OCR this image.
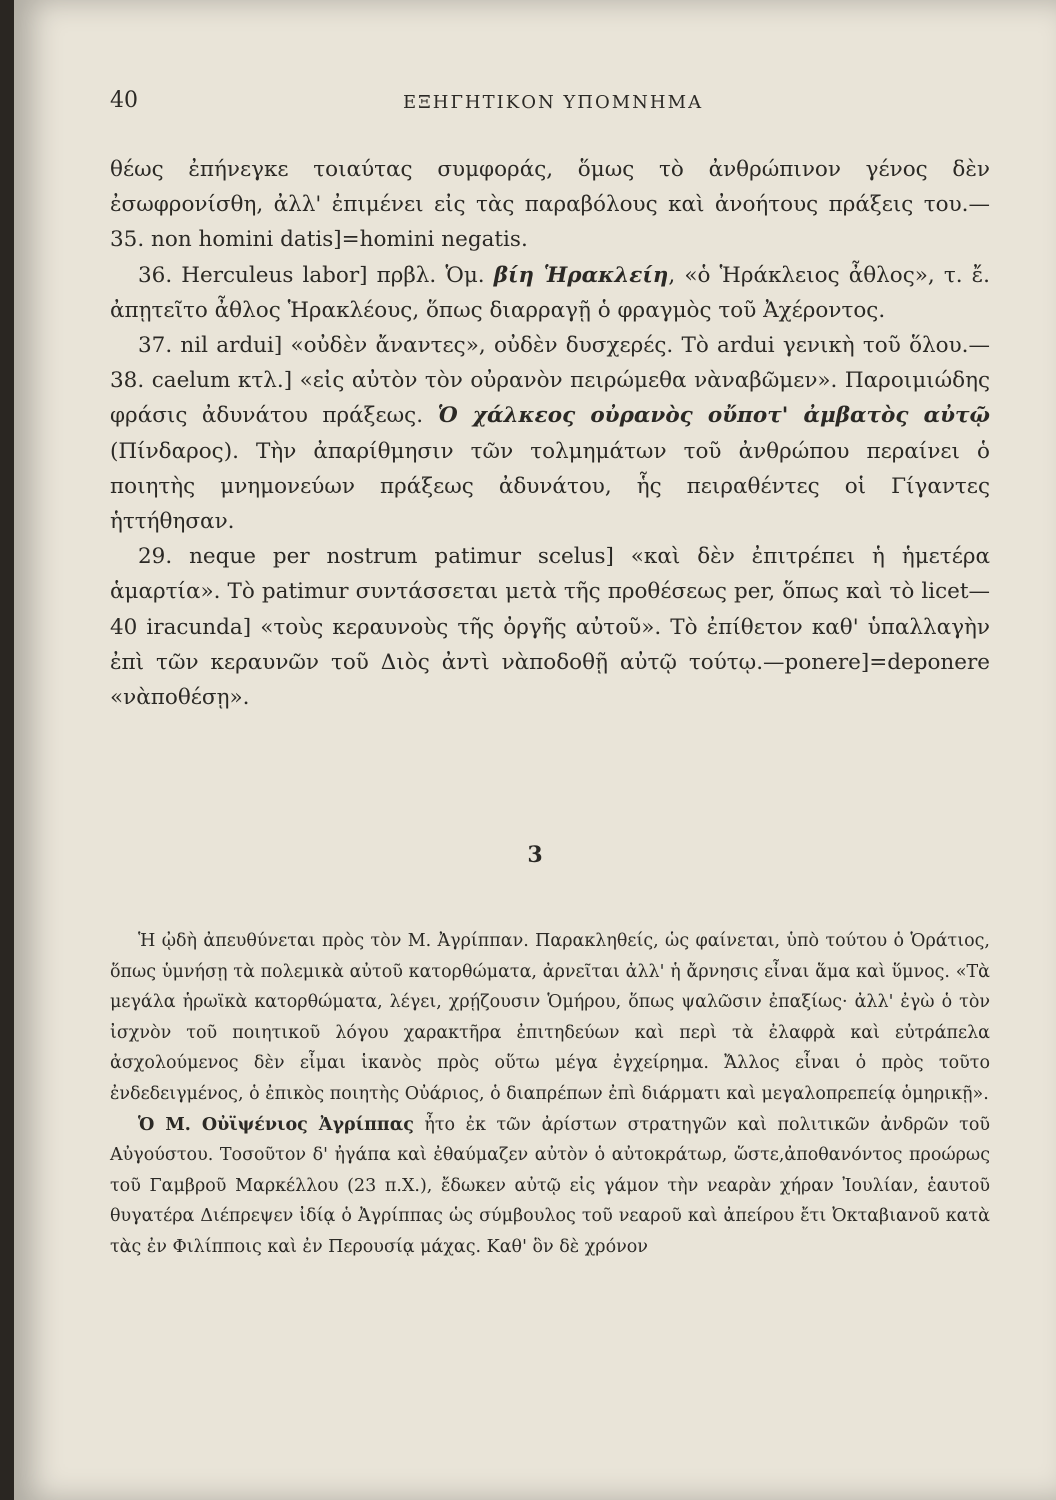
40	ΕΞΗΓΗΤΙΚΟΝ ΥΠΟΜΝΗΜΑ

θέως ἐπήνεγκε τοιαύτας συμφοράς, ὅμως τὸ ἀνθρώπινον γένος δὲν ἐσωφρονίσθη, ἀλλ' ἐπιμένει εἰς τὰς παραβόλους καὶ ἀνοήτους πράξεις του.—35. non homini datis]=homini negatis.

36. Herculeus labor] πρβλ. Ὁμ. βίη Ἡρακλείη, «ὁ Ἡράκλειος ἆθλος», τ. ἔ. ἀπῃτεῖτο ἆθλος Ἡρακλέους, ὅπως διαρραγῇ ὁ φραγμὸς τοῦ Ἀχέροντος.

37. nil ardui] «οὐδὲν ἄναντες», οὐδὲν δυσχερές. Τὸ ardui γενικὴ τοῦ ὅλου.—38. caelum κτλ.] «εἰς αὐτὸν τὸν οὐρανὸν πειρώμεθα νὰναβῶμεν». Παροιμιώδης φράσις ἀδυνάτου πράξεως. Ὁ χάλκεος οὐρανὸς οὔποτ' ἀμβατὸς αὐτῷ (Πίνδαρος). Τὴν ἀπαρίθμησιν τῶν τολμημάτων τοῦ ἀνθρώπου περαίνει ὁ ποιητὴς μνημονεύων πράξεως ἀδυνάτου, ἧς πειραθέντες οἱ Γίγαντες ἡττήθησαν.

29. neque per nostrum patimur scelus] «καὶ δὲν ἐπιτρέπει ἡ ἡμετέρα ἁμαρτία». Τὸ patimur συντάσσεται μετὰ τῆς προθέσεως per, ὅπως καὶ τὸ licet—40 iracunda] «τοὺς κεραυνοὺς τῆς ὀργῆς αὐτοῦ». Τὸ ἐπίθετον καθ' ὑπαλλαγὴν ἐπὶ τῶν κεραυνῶν τοῦ Διὸς ἀντὶ νὰποδοθῇ αὐτῷ τούτῳ.—ponere]=deponere «νὰποθέσῃ».

3

Ἡ ᾠδὴ ἀπευθύνεται πρὸς τὸν Μ. Ἀγρίππαν. Παρακληθείς, ὡς φαίνεται, ὑπὸ τούτου ὁ Ὁράτιος, ὅπως ὑμνήσῃ τὰ πολεμικὰ αὐτοῦ κατορθώματα, ἀρνεῖται ἀλλ' ἡ ἄρνησις εἶναι ἅμα καὶ ὕμνος. «Τὰ μεγάλα ἡρωϊκὰ κατορθώματα, λέγει, χρῄζουσιν Ὁμήρου, ὅπως ψαλῶσιν ἐπαξίως· ἀλλ' ἐγὼ ὁ τὸν ἰσχνὸν τοῦ ποιητικοῦ λόγου χαρακτῆρα ἐπιτηδεύων καὶ περὶ τὰ ἐλαφρὰ καὶ εὐτράπελα ἀσχολούμενος δὲν εἶμαι ἱκανὸς πρὸς οὕτω μέγα ἐγχείρημα. Ἄλλος εἶναι ὁ πρὸς τοῦτο ἐνδεδειγμένος, ὁ ἐπικὸς ποιητὴς Οὐάριος, ὁ διαπρέπων ἐπὶ διάρματι καὶ μεγαλοπρεπείᾳ ὁμηρικῇ».

Ὁ Μ. Οὐϊψένιος Ἀγρίππας ἦτο ἐκ τῶν ἀρίστων στρατηγῶν καὶ πολιτικῶν ἀνδρῶν τοῦ Αὐγούστου. Τοσοῦτον δ' ἠγάπα καὶ ἐθαύμαζεν αὐτὸν ὁ αὐτοκράτωρ, ὥστε,ἀποθανόντος προώρως τοῦ Γαμβροῦ Μαρκέλλου (23 π.Χ.), ἔδωκεν αὐτῷ εἰς γάμον τὴν νεαρὰν χήραν Ἰουλίαν, ἑαυτοῦ θυγατέρα Διέπρεψεν ἰδίᾳ ὁ Ἀγρίππας ὡς σύμβουλος τοῦ νεαροῦ καὶ ἀπείρου ἔτι Ὀκταβιανοῦ κατὰ τὰς ἐν Φιλίπποις καὶ ἐν Περουσίᾳ μάχας. Καθ' ὃν δὲ χρόνον
